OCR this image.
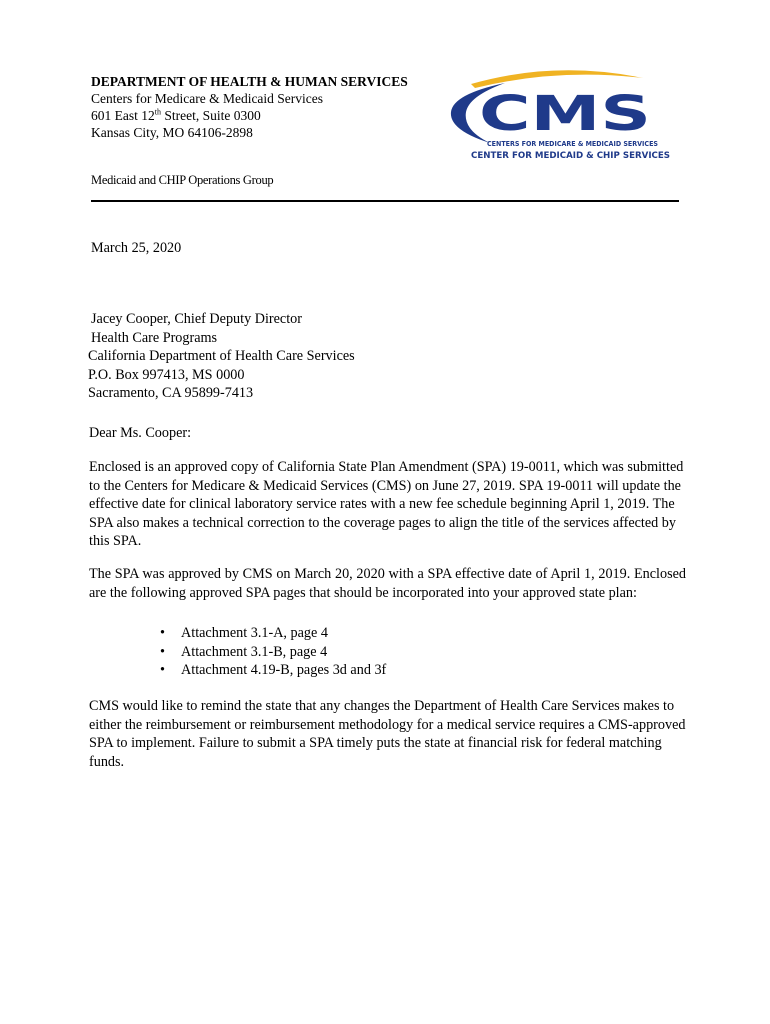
DEPARTMENT OF HEALTH & HUMAN SERVICES
Centers for Medicare & Medicaid Services
601 East 12th Street, Suite 0300
Kansas City, MO 64106-2898
Medicaid and CHIP Operations Group
CMS
CENTERS FOR MEDICARE & MEDICAID SERVICES
CENTER FOR MEDICAID & CHIP SERVICES
March 25, 2020
Jacey Cooper, Chief Deputy Director
Health Care Programs
California Department of Health Care Services
P.O. Box 997413, MS 0000
Sacramento, CA 95899-7413
Dear Ms. Cooper:
Enclosed is an approved copy of California State Plan Amendment (SPA) 19-0011, which was submitted to the Centers for Medicare & Medicaid Services (CMS) on June 27, 2019. SPA 19-0011 will update the effective date for clinical laboratory service rates with a new fee schedule beginning April 1, 2019. The SPA also makes a technical correction to the coverage pages to align the title of the services affected by this SPA.
The SPA was approved by CMS on March 20, 2020 with a SPA effective date of April 1, 2019. Enclosed are the following approved SPA pages that should be incorporated into your approved state plan:
• Attachment 3.1-A, page 4
• Attachment 3.1-B, page 4
• Attachment 4.19-B, pages 3d and 3f
CMS would like to remind the state that any changes the Department of Health Care Services makes to either the reimbursement or reimbursement methodology for a medical service requires a CMS-approved SPA to implement. Failure to submit a SPA timely puts the state at financial risk for federal matching funds.
